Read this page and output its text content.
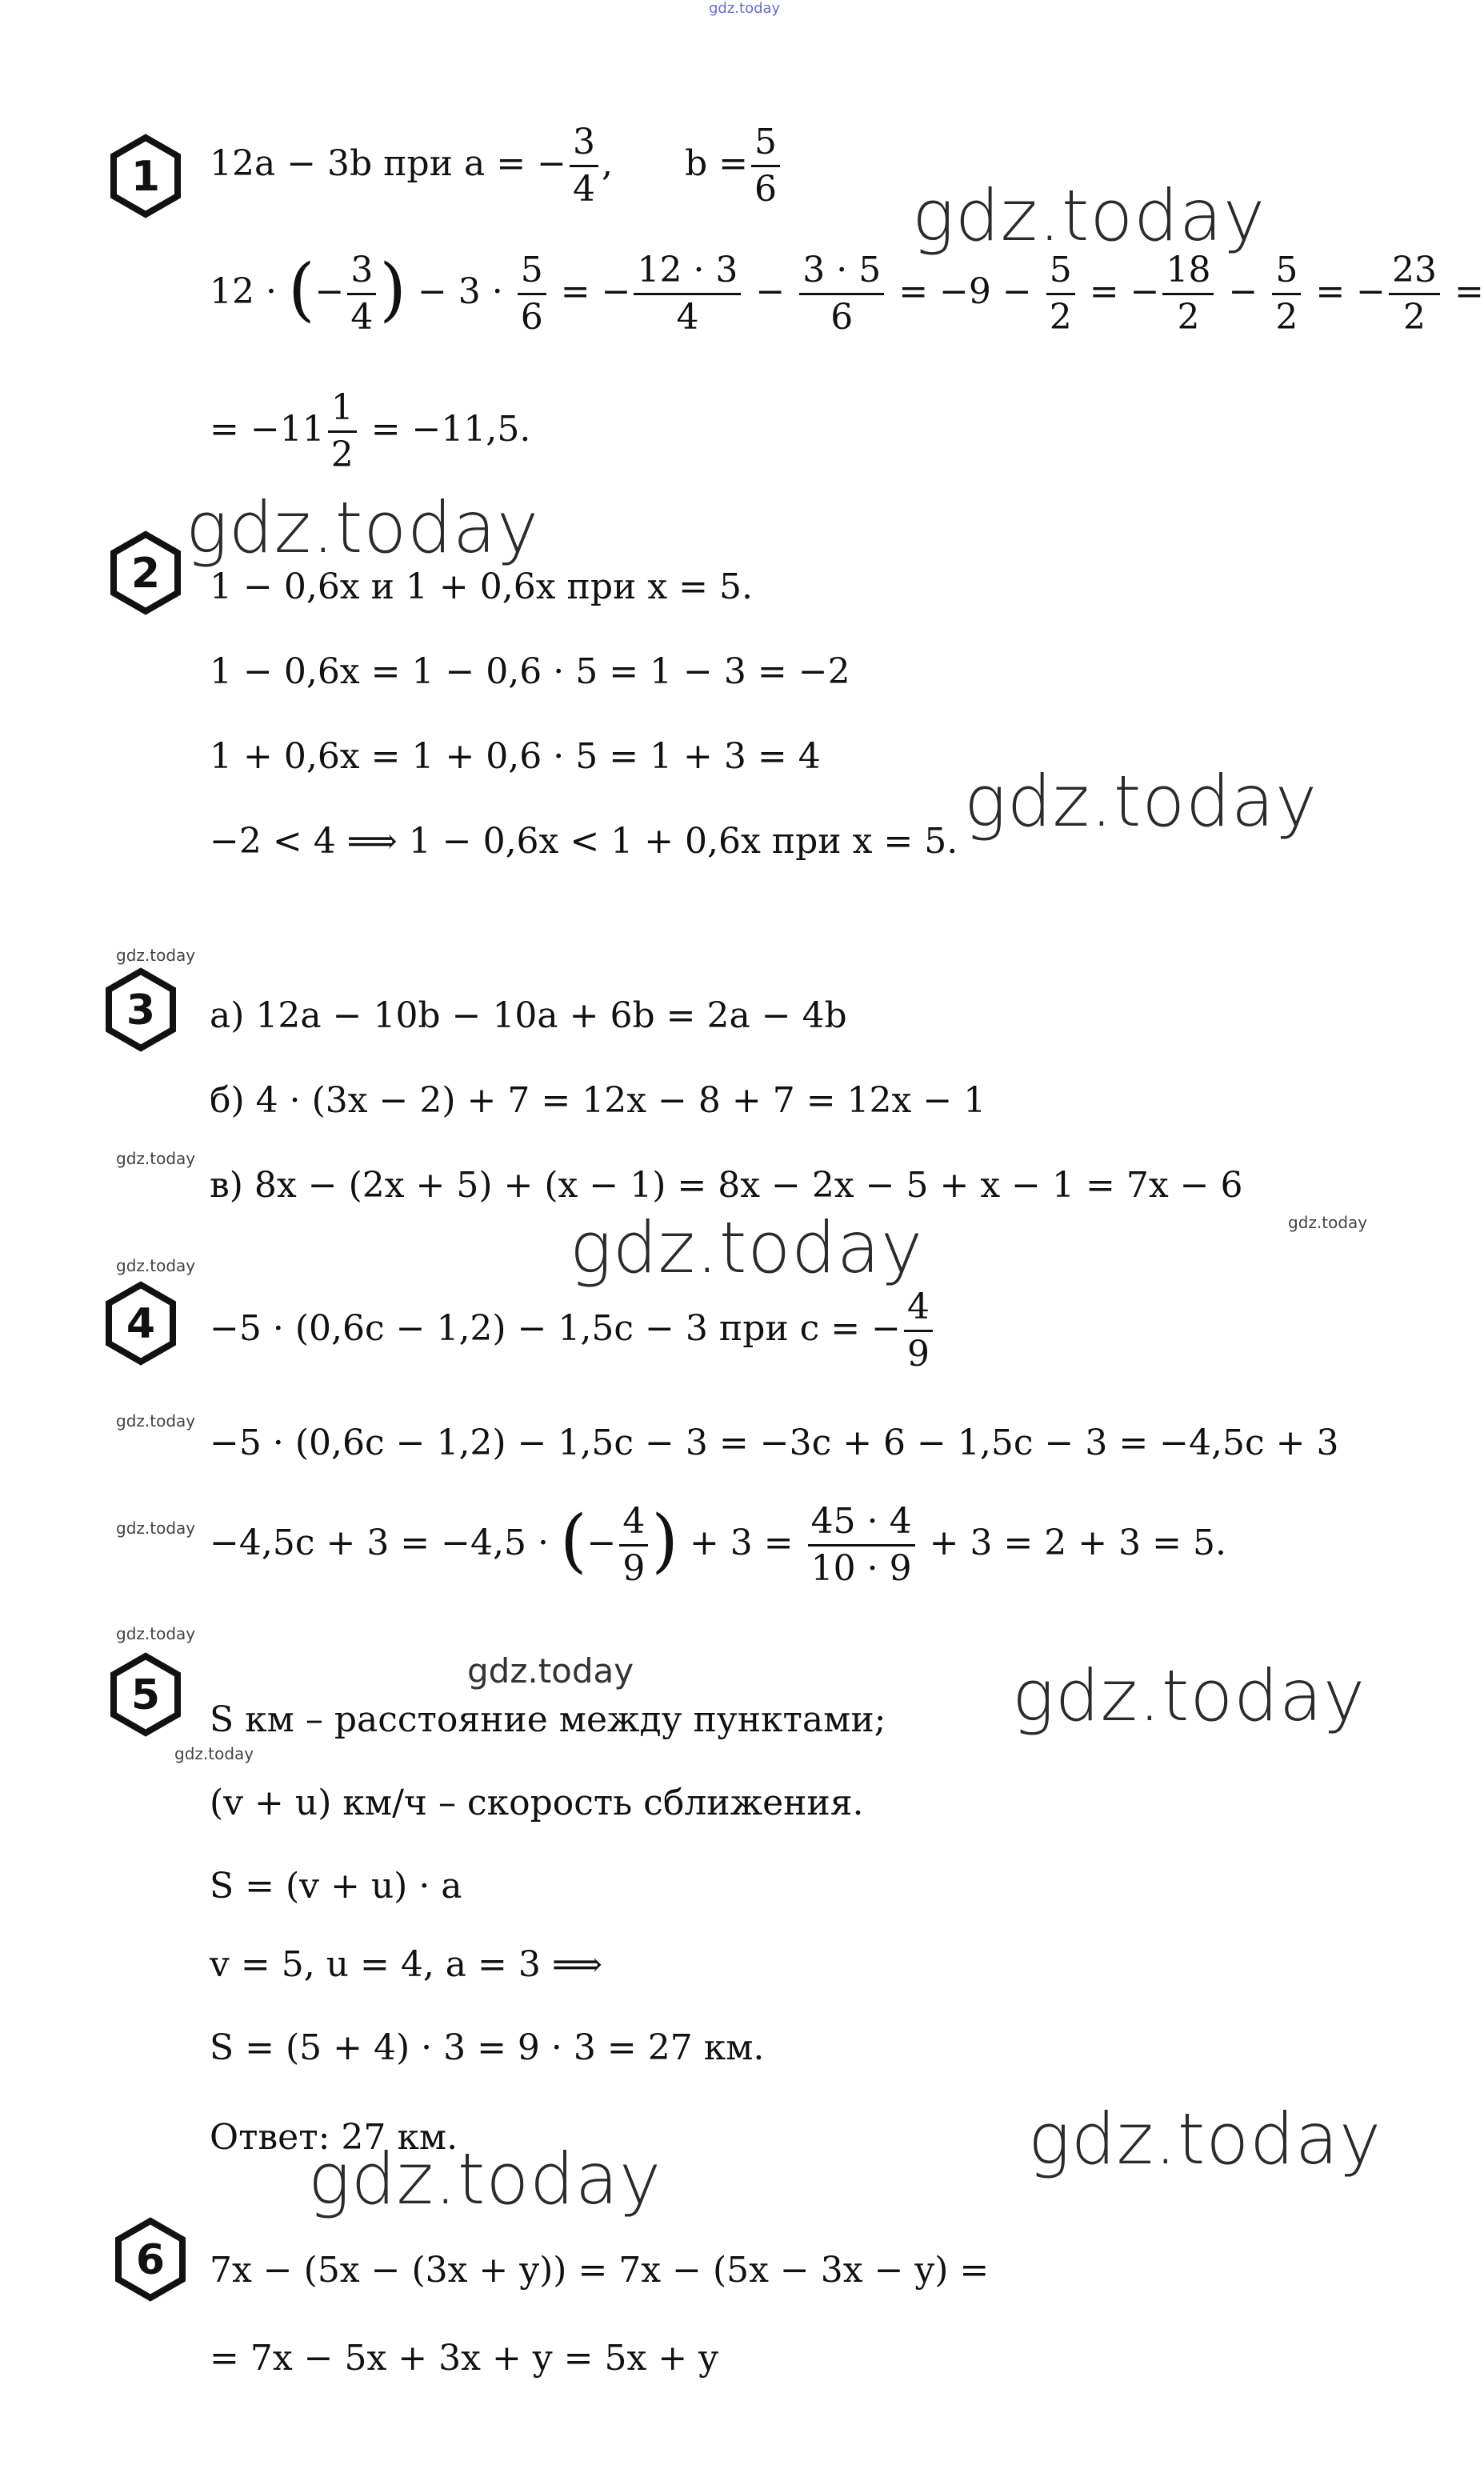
gdz.today
gdz.today
gdz.today
gdz.today
gdz.today
gdz.today
gdz.today
gdz.today
gdz.today
gdz.today
gdz.today
gdz.today
gdz.today
gdz.today
gdz.today
gdz.today
gdz.today
1
2
3
4
5
6
12a − 3b при a = − $\frac{3}{4}$ , $b = \frac{5}{6}$
12 · (− $\frac{3}{4}$ ) − $3 \cdot \frac{5}{6}$ = − $\frac{12 \cdot 3}{4} - \frac{3 \cdot 5}{6} = -9 - \frac{5}{2}$ = − $\frac{18}{2} - \frac{5}{2}$ = − $\frac{23}{2}$ =
= $-11 \frac{1}{2} = -11,5$.
1 − 0,6x и 1 + 0,6x при x = 5.
1 − 0,6x = 1 − 0,6 · 5 = 1 − 3 = −2
1 + 0,6x = 1 + 0,6 · 5 = 1 + 3 = 4
−2 < 4 ⟹ 1 − 0,6x < 1 + 0,6x при x = 5.
а) 12a − 10b − 10a + 6b = 2a − 4b
б) 4 · (3x − 2) + 7 = 12x − 8 + 7 = 12x − 1
в) 8x − (2x + 5) + (x − 1) = 8x − 2x − 5 + x − 1 = 7x − 6
−5 · (0,6c − 1,2) − 1,5c − 3 при c = − $\frac{4}{9}$
−5 · (0,6c − 1,2) − 1,5c − 3 = −3c + 6 − 1,5c − 3 = −4,5c + 3
−4,5c + 3 = −4,5 · (− $\frac{4}{9}$ ) + $3 = \frac{45 \cdot 4}{10 \cdot 9} + 3 = 2 + 3 = 5$.
S км – расстояние между пунктами;
(v + u) км/ч – скорость сближения.
S = (v + u) · a
v = 5, u = 4, a = 3 ⟹
S = (5 + 4) · 3 = 9 · 3 = 27 км.
Ответ: 27 км.
7x − (5x − (3x + y)) = 7x − (5x − 3x − y) =
= 7x − 5x + 3x + y = 5x + y
